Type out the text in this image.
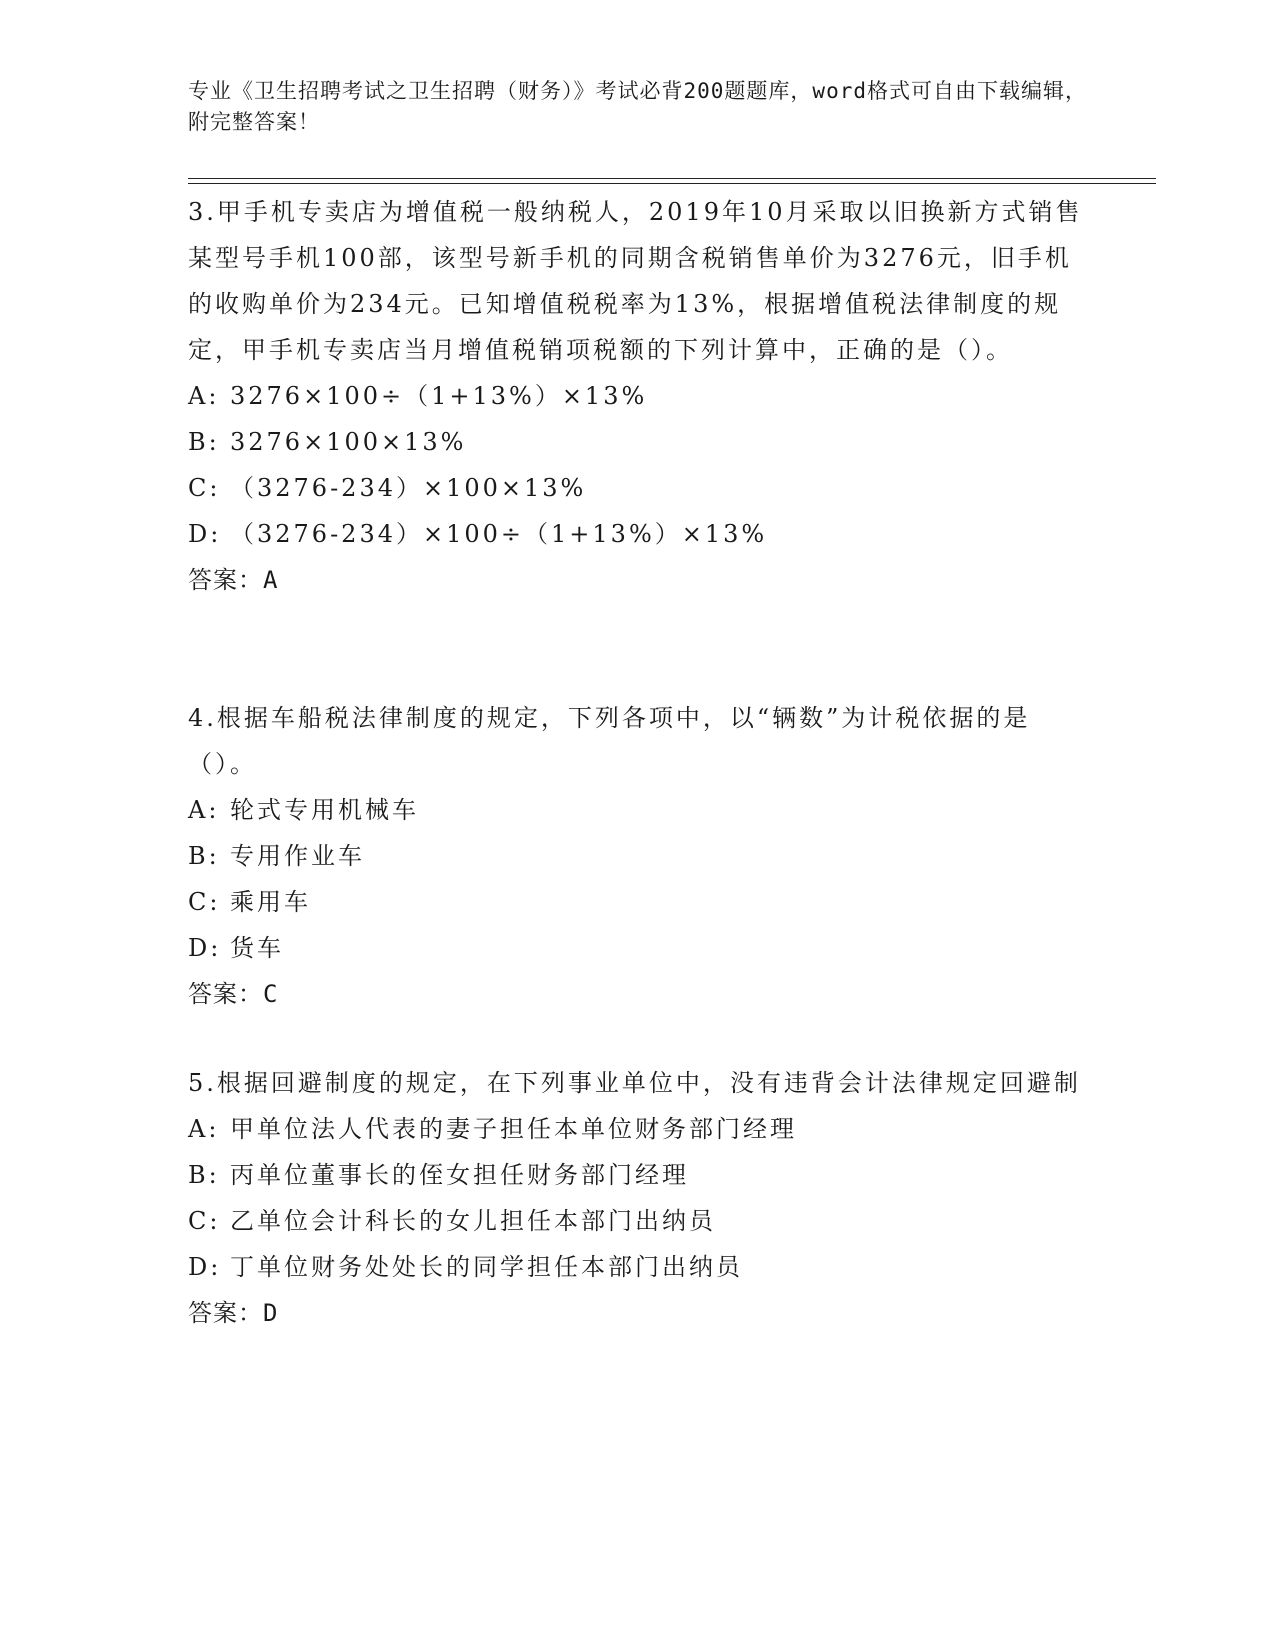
专业《卫生招聘考试之卫生招聘（财务）》考试必背200题题库，word格式可自由下载编辑，附完整答案！

3.甲手机专卖店为增值税一般纳税人，2019年10月采取以旧换新方式销售某型号手机100部，该型号新手机的同期含税销售单价为3276元，旧手机的收购单价为234元。已知增值税税率为13%，根据增值税法律制度的规定，甲手机专卖店当月增值税销项税额的下列计算中，正确的是（）。

A: 3276×100÷（1+13%）×13%

B: 3276×100×13%

C: （3276-234）×100×13%

D: （3276-234）×100÷（1+13%）×13%

答案：A

4.根据车船税法律制度的规定，下列各项中，以“辆数”为计税依据的是（）。

A: 轮式专用机械车

B: 专用作业车

C: 乘用车

D: 货车

答案：C

5.根据回避制度的规定，在下列事业单位中，没有违背会计法律规定回避制

A: 甲单位法人代表的妻子担任本单位财务部门经理

B: 丙单位董事长的侄女担任财务部门经理

C: 乙单位会计科长的女儿担任本部门出纳员

D: 丁单位财务处处长的同学担任本部门出纳员

答案：D
